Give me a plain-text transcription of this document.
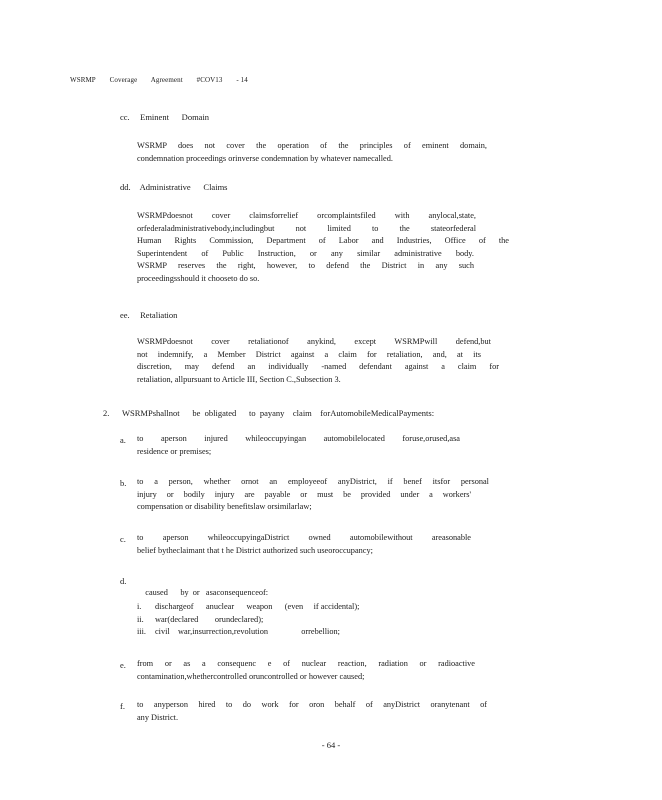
WSRMP Coverage Agreement #COV13 - 14
cc. Eminent      Domain
WSRMP does not cover the operation of the principles of eminent domain,
condemnation proceedings orinverse condemnation by whatever namecalled.
dd. Administrative      Claims
WSRMPdoesnot cover claimsforrelief orcomplaintsfiled with anylocal,state,
orfederaladministrativebody,includingbut not limited to the stateorfederal
Human Rights Commission, Department of Labor and Industries, Office of the
Superintendent of Public Instruction, or any similar administrative body.
WSRMP reserves the right, however, to defend the District in any such
proceedingsshould it chooseto do so.
ee. Retaliation
WSRMPdoesnot cover retaliationof anykind, except WSRMPwill defend,but
not indemnify, a Member District against a claim for retaliation, and, at its
discretion, may defend an individually -named defendant against a claim for
retaliation, allpursuant to Article III, Section C.,Subsection 3.
2. WSRMPshallnot      be  obligated      to  payany    claim    forAutomobileMedicalPayments:
a. to aperson injured whileoccupyingan automobilelocated foruse,orused,asa
residence or premises;
b. to a person, whether ornot an employeeof anyDistrict, if benef itsfor personal
injury or bodily injury are payable or must be provided under a workers'
compensation or disability benefitslaw orsimilarlaw;
c. to aperson whileoccupyingaDistrict owned automobilewithout areasonable
belief bytheclaimant that t he District authorized such useoroccupancy;
d.

caused      by  or   asaconsequenceof:

i.	dischargeof      anuclear      weapon      (even     if accidental);
ii.	war(declared        orundeclared);
iii.	civil    war,insurrection,revolution                orrebellion;
e. from or as a consequenc e of nuclear reaction, radiation or radioactive
contamination,whethercontrolled oruncontrolled or however caused;
f. to anyperson hired to do work for oron behalf of anyDistrict oranytenant of
any District.
- 64 -
